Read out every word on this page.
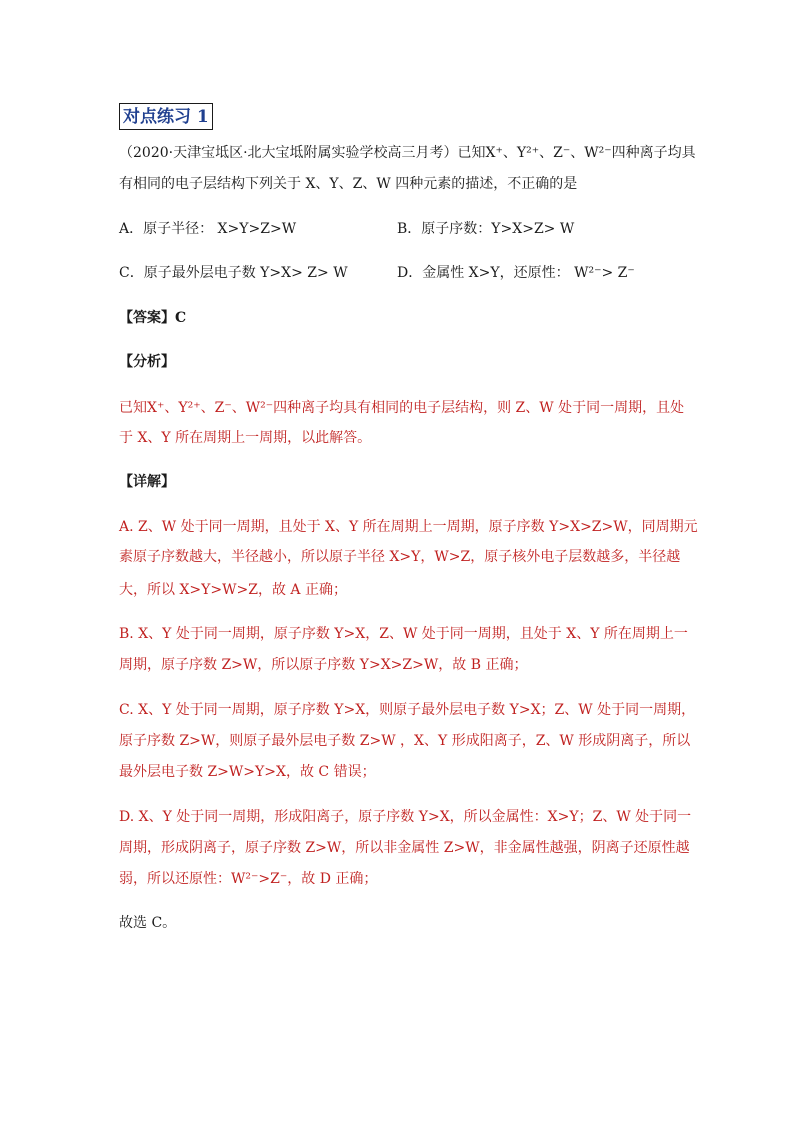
对点练习 1
（2020·天津宝坻区·北大宝坻附属实验学校高三月考）已知X⁺、Y²⁺、Z⁻、W²⁻四种离子均具
有相同的电子层结构下列关于 X、Y、Z、W 四种元素的描述，不正确的是
A．原子半径： X>Y>Z>W	B．原子序数：Y>X>Z> W
C．原子最外层电子数 Y>X> Z> W	D．金属性 X>Y，还原性： W²⁻> Z⁻
【答案】C
【分析】
已知X⁺、Y²⁺、Z⁻、W²⁻四种离子均具有相同的电子层结构，则 Z、W 处于同一周期，且处
于 X、Y 所在周期上一周期，以此解答。
【详解】
A. Z、W 处于同一周期，且处于 X、Y 所在周期上一周期，原子序数 Y>X>Z>W，同周期元
素原子序数越大，半径越小，所以原子半径 X>Y，W>Z，原子核外电子层数越多，半径越
大，所以 X>Y>W>Z，故 A 正确；
B. X、Y 处于同一周期，原子序数 Y>X，Z、W 处于同一周期，且处于 X、Y 所在周期上一
周期，原子序数 Z>W，所以原子序数 Y>X>Z>W，故 B 正确；
C. X、Y 处于同一周期，原子序数 Y>X，则原子最外层电子数 Y>X；Z、W 处于同一周期，
原子序数 Z>W，则原子最外层电子数 Z>W ，X、Y 形成阳离子，Z、W 形成阴离子，所以
最外层电子数 Z>W>Y>X，故 C 错误；
D. X、Y 处于同一周期，形成阳离子，原子序数 Y>X，所以金属性：X>Y；Z、W 处于同一
周期，形成阴离子，原子序数 Z>W，所以非金属性 Z>W，非金属性越强，阴离子还原性越
弱，所以还原性：W²⁻>Z⁻，故 D 正确；
故选 C。
